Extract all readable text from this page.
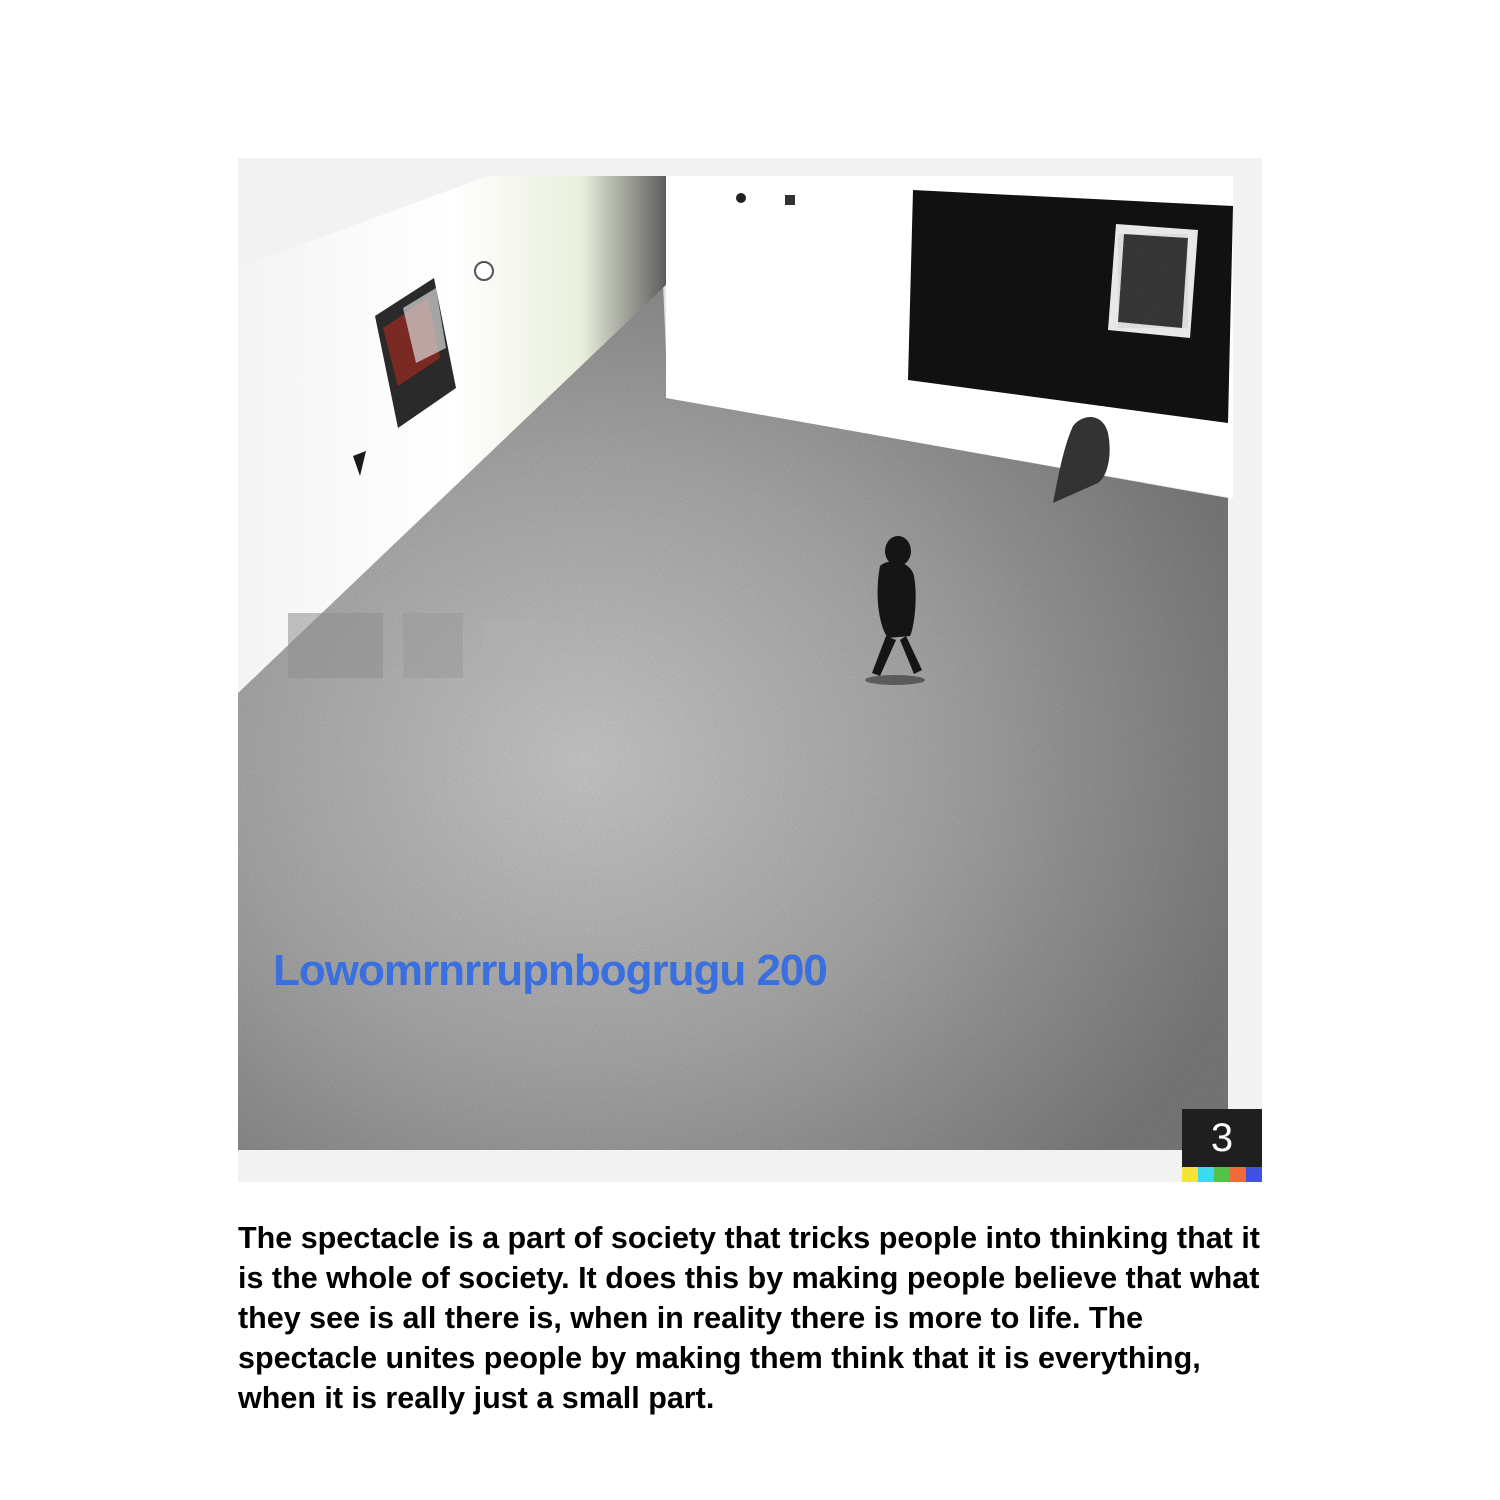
Lowomrnrrupnbogrugu 200
3

The spectacle is a part of society that tricks people into thinking that it is the whole of society. It does this by making people believe that what they see is all there is, when in reality there is more to life. The spectacle unites people by making them think that it is everything, when it is really just a small part.
